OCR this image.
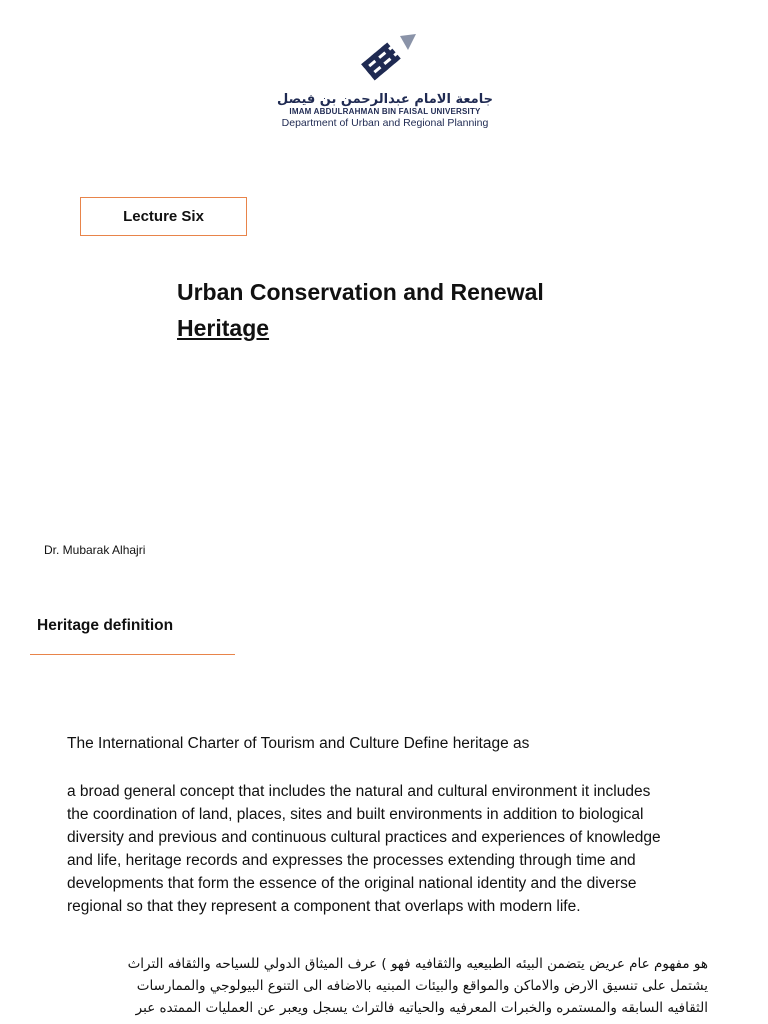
جامعة الامام عبدالرحمن بن فيصل
IMAM ABDULRAHMAN BIN FAISAL UNIVERSITY
Department of Urban and Regional Planning
Lecture Six
Urban Conservation and Renewal
Heritage
Dr. Mubarak Alhajri
Heritage definition
The International Charter of Tourism and Culture Define heritage as
a broad general concept that includes the natural and cultural environment it includes
the coordination of land, places, sites and built environments in addition to biological
diversity and previous and continuous cultural practices and experiences of knowledge
and life, heritage records and expresses the processes extending through time and
developments that form the essence of the original national identity and the diverse
regional so that they represent a component that overlaps with modern life.
هو مفهوم عام عريض يتضمن البيئه الطبيعيه والثقافيه فهو ) عرف الميثاق الدولي للسياحه والثقافه التراث
يشتمل على تنسيق الارض والاماكن والمواقع والبيئات المبنيه بالاضافه الى التنوع البيولوجي والممارسات
الثقافيه السابقه والمستمره والخبرات المعرفيه والحياتيه فالتراث يسجل ويعبر عن العمليات الممتده عبر
